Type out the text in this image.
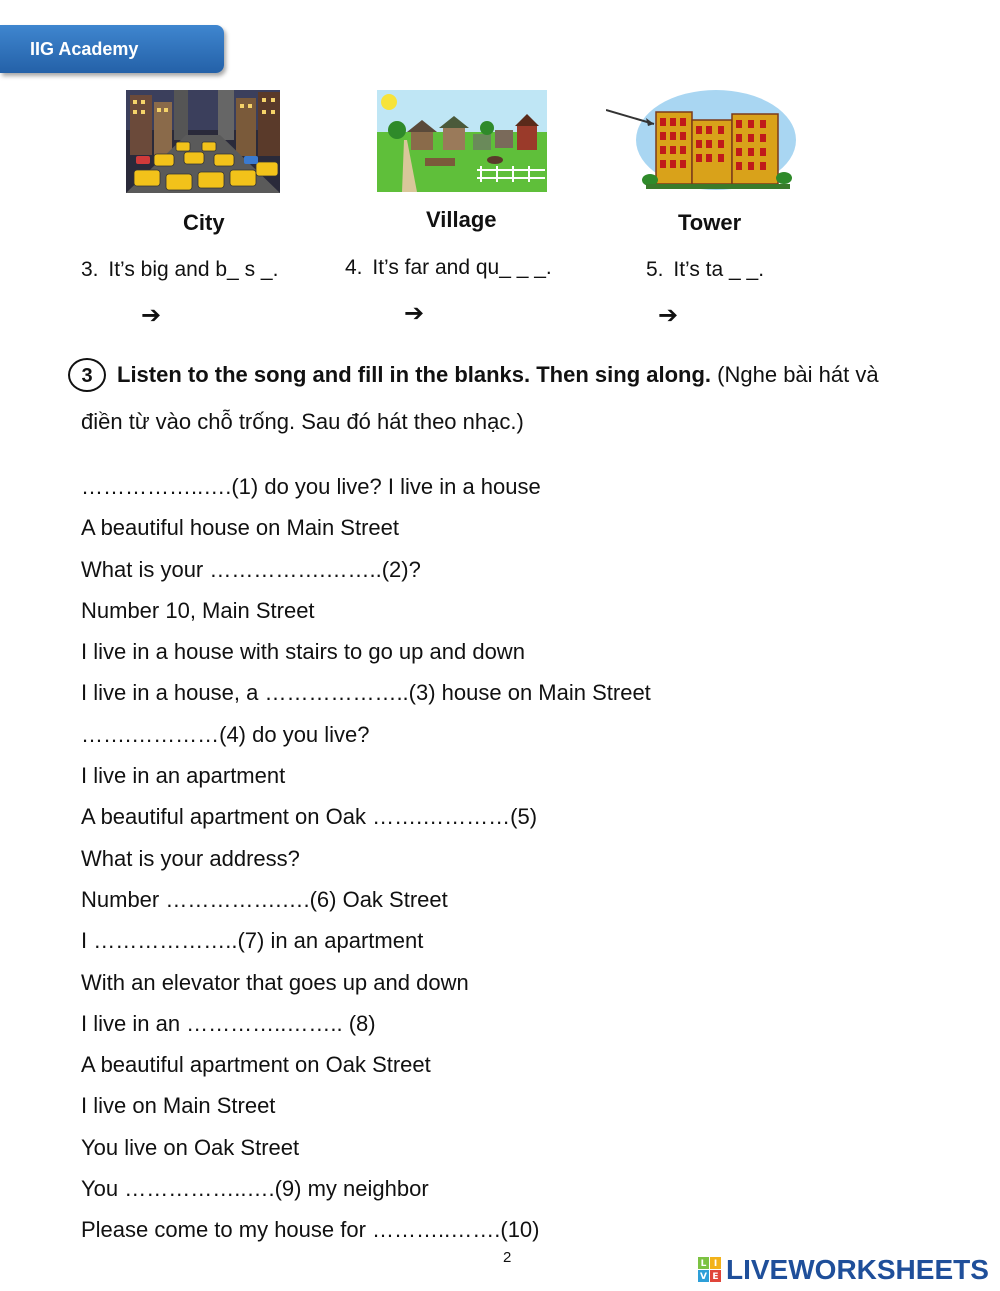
IIG Academy
City	Village	Tower
3. It’s big and b_ s _.	4. It’s far and qu_ _ _.	5. It’s ta _ _.
➔	➔	➔
3	Listen to the song and fill in the blanks. Then sing along. (Nghe bài hát và
điền từ vào chỗ trống. Sau đó hát theo nhạc.)
……………..….(1) do you live? I live in a house
A beautiful house on Main Street
What is your …………….……..(2)?
Number 10, Main Street
I live in a house with stairs to go up and down
I live in a house, a ………………..(3) house on Main Street
…….…………(4) do you live?
I live in an apartment
A beautiful apartment on Oak …….…………(5)
What is your address?
Number …………….….(6) Oak Street
I ………………..(7) in an apartment
With an elevator that goes up and down
I live in an …………..…….. (8)
A beautiful apartment on Oak Street
I live on Main Street
You live on Oak Street
You ……………..….(9) my neighbor
Please come to my house for ………..…….(10)
2	L I
V E LIVEWORKSHEETS
